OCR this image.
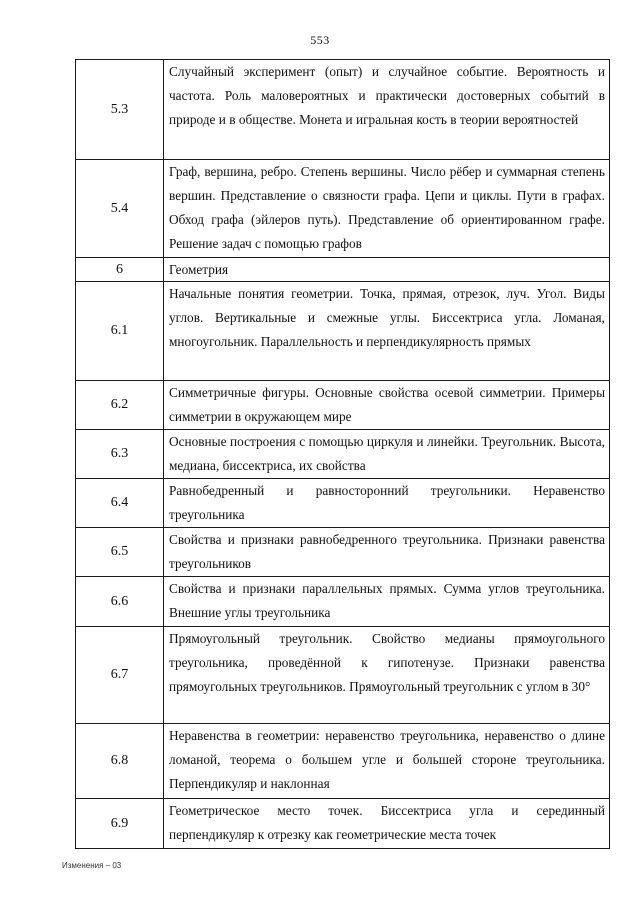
553
5.3
Случайный эксперимент (опыт) и случайное событие. Вероятность и частота. Роль маловероятных и практически достоверных событий в природе и в обществе. Монета и игральная кость в теории вероятностей
5.4
Граф, вершина, ребро. Степень вершины. Число рёбер и суммарная степень вершин. Представление о связности графа. Цепи и циклы. Пути в графах. Обход графа (эйлеров путь). Представление об ориентированном графе. Решение задач с помощью графов
6	Геометрия
6.1
Начальные понятия геометрии. Точка, прямая, отрезок, луч. Угол. Виды углов. Вертикальные и смежные углы. Биссектриса угла. Ломаная, многоугольник. Параллельность и перпендикулярность прямых
6.2
Симметричные фигуры. Основные свойства осевой симметрии. Примеры симметрии в окружающем мире
6.3
Основные построения с помощью циркуля и линейки. Треугольник. Высота, медиана, биссектриса, их свойства
6.4
Равнобедренный и равносторонний треугольники. Неравенство треугольника
6.5
Свойства и признаки равнобедренного треугольника. Признаки равенства треугольников
6.6
Свойства и признаки параллельных прямых. Сумма углов треугольника. Внешние углы треугольника
6.7
Прямоугольный треугольник. Свойство медианы прямоугольного треугольника, проведённой к гипотенузе. Признаки равенства прямоугольных треугольников. Прямоугольный треугольник с углом в 30°
6.8
Неравенства в геометрии: неравенство треугольника, неравенство о длине ломаной, теорема о большем угле и большей стороне треугольника. Перпендикуляр и наклонная
6.9
Геометрическое место точек. Биссектриса угла и серединный перпендикуляр к отрезку как геометрические места точек
Изменения – 03
